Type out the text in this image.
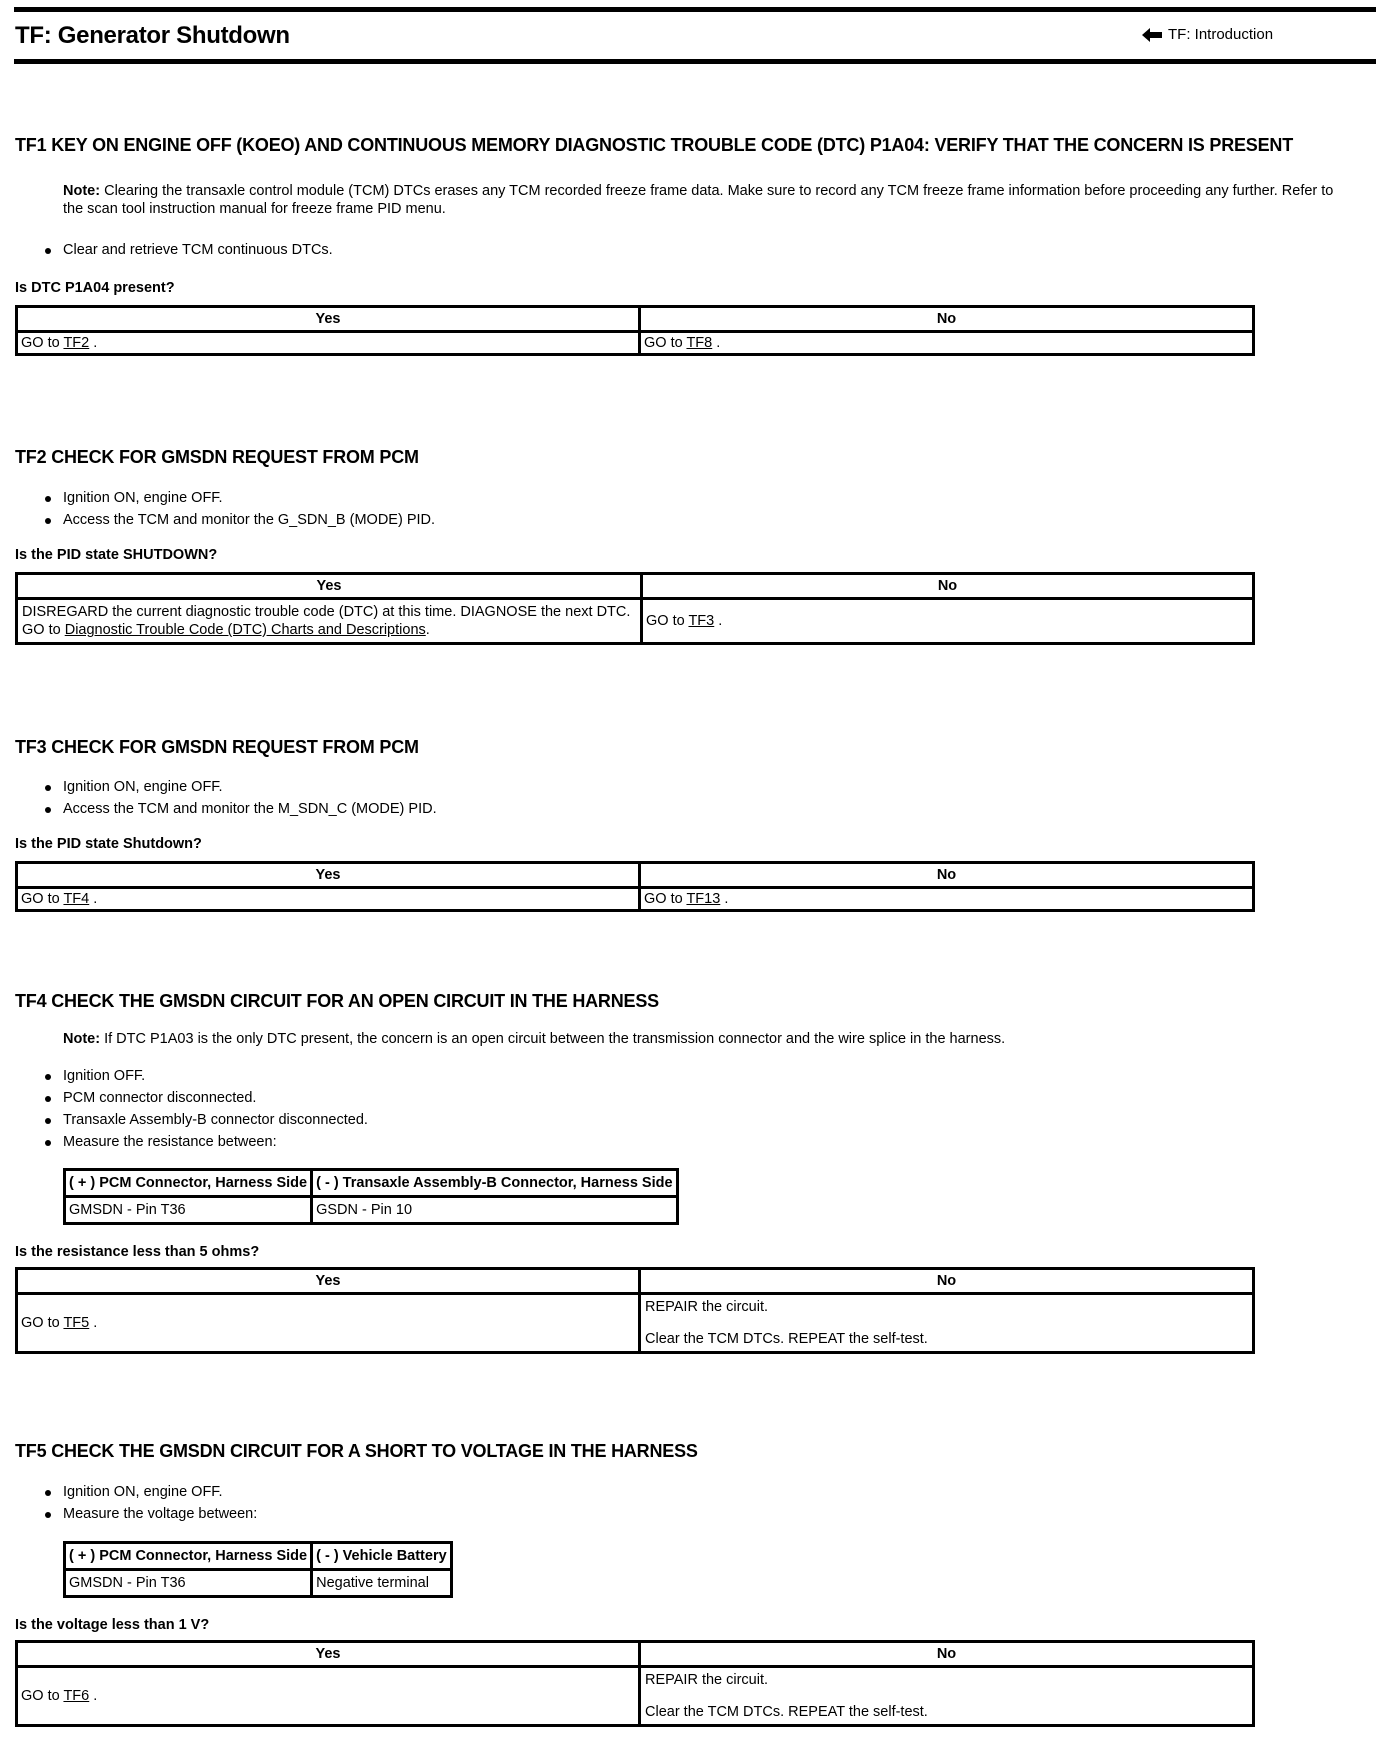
TF: Generator Shutdown	TF: Introduction
TF1 KEY ON ENGINE OFF (KOEO) AND CONTINUOUS MEMORY DIAGNOSTIC TROUBLE CODE (DTC) P1A04: VERIFY THAT THE CONCERN IS PRESENT

Note: Clearing the transaxle control module (TCM) DTCs erases any TCM recorded freeze frame data. Make sure to record any TCM freeze frame information before proceeding any further. Refer to the scan tool instruction manual for freeze frame PID menu.

Clear and retrieve TCM continuous DTCs.

Is DTC P1A04 present?

Yes	No
GO to TF2 .	GO to TF8 .
TF2 CHECK FOR GMSDN REQUEST FROM PCM
Ignition ON, engine OFF.
Access the TCM and monitor the G_SDN_B (MODE) PID.

Is the PID state SHUTDOWN?

Yes	No
DISREGARD the current diagnostic trouble code (DTC) at this time. DIAGNOSE the next DTC. GO to Diagnostic Trouble Code (DTC) Charts and Descriptions.	GO to TF3 .
TF3 CHECK FOR GMSDN REQUEST FROM PCM
Ignition ON, engine OFF.
Access the TCM and monitor the M_SDN_C (MODE) PID.

Is the PID state Shutdown?

Yes	No
GO to TF4 .	GO to TF13 .
TF4 CHECK THE GMSDN CIRCUIT FOR AN OPEN CIRCUIT IN THE HARNESS

Note: If DTC P1A03 is the only DTC present, the concern is an open circuit between the transmission connector and the wire splice in the harness.

Ignition OFF.
PCM connector disconnected.
Transaxle Assembly-B connector disconnected.
Measure the resistance between:
( + ) PCM Connector, Harness Side	( - ) Transaxle Assembly-B Connector, Harness Side
GMSDN - Pin T36	GSDN - Pin 10

Is the resistance less than 5 ohms?

Yes	No
GO to TF5 .	REPAIR the circuit.

Clear the TCM DTCs. REPEAT the self-test.

TF5 CHECK THE GMSDN CIRCUIT FOR A SHORT TO VOLTAGE IN THE HARNESS
Ignition ON, engine OFF.
Measure the voltage between:
( + ) PCM Connector, Harness Side	( - ) Vehicle Battery
GMSDN - Pin T36	Negative terminal

Is the voltage less than 1 V?

Yes	No
GO to TF6 .	REPAIR the circuit.

Clear the TCM DTCs. REPEAT the self-test.
